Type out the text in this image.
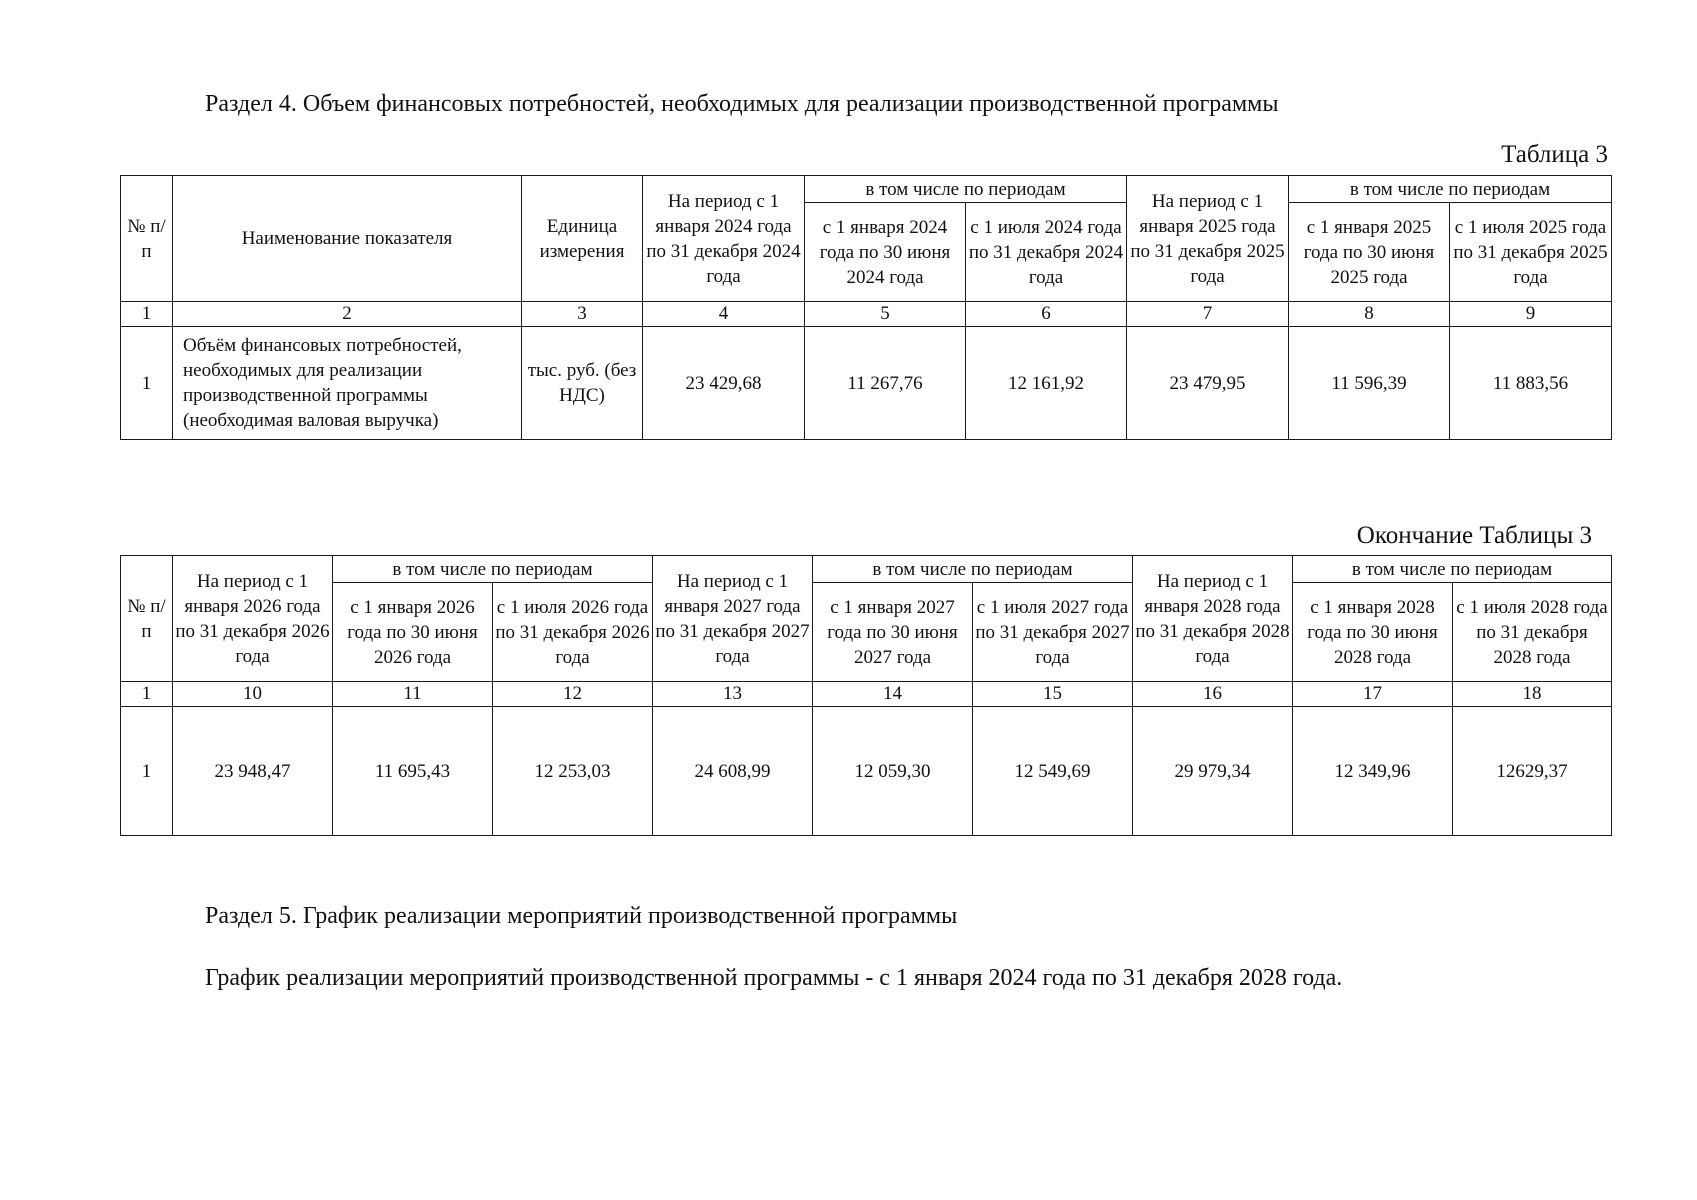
Раздел 4. Объем финансовых потребностей, необходимых для реализации производственной программы
Таблица 3
№ п/п	Наименование показателя	Единица измерения	На период с 1 января 2024 года по 31 декабря 2024 года	в том числе по периодам		На период с 1 января 2025 года по 31 декабря 2025 года	в том числе по периодам	
				с 1 января 2024 года по 30 июня 2024 года	с 1 июля 2024 года по 31 декабря 2024 года		с 1 января 2025 года по 30 июня 2025 года	с 1 июля 2025 года по 31 декабря 2025 года
1	2	3	4	5	6	7	8	9
1	Объём финансовых потребностей, необходимых для реализации производственной программы (необходимая валовая выручка)	тыс. руб. (без НДС)	23 429,68	11 267,76	12 161,92	23 479,95	11 596,39	11 883,56
Окончание Таблицы 3
№ п/п	На период с 1 января 2026 года по 31 декабря 2026 года	в том числе по периодам		На период с 1 января 2027 года по 31 декабря 2027 года	в том числе по периодам		На период с 1 января 2028 года по 31 декабря 2028 года	в том числе по периодам	
		с 1 января 2026 года по 30 июня 2026 года	с 1 июля 2026 года по 31 декабря 2026 года		с 1 января 2027 года по 30 июня 2027 года	с 1 июля 2027 года по 31 декабря 2027 года		с 1 января 2028 года по 30 июня 2028 года	с 1 июля 2028 года по 31 декабря 2028 года
1	10	11	12	13	14	15	16	17	18
1	23 948,47	11 695,43	12 253,03	24 608,99	12 059,30	12 549,69	29 979,34	12 349,96	12629,37
Раздел 5. График реализации мероприятий производственной программы
График реализации мероприятий производственной программы - с 1 января 2024 года по 31 декабря 2028 года.
